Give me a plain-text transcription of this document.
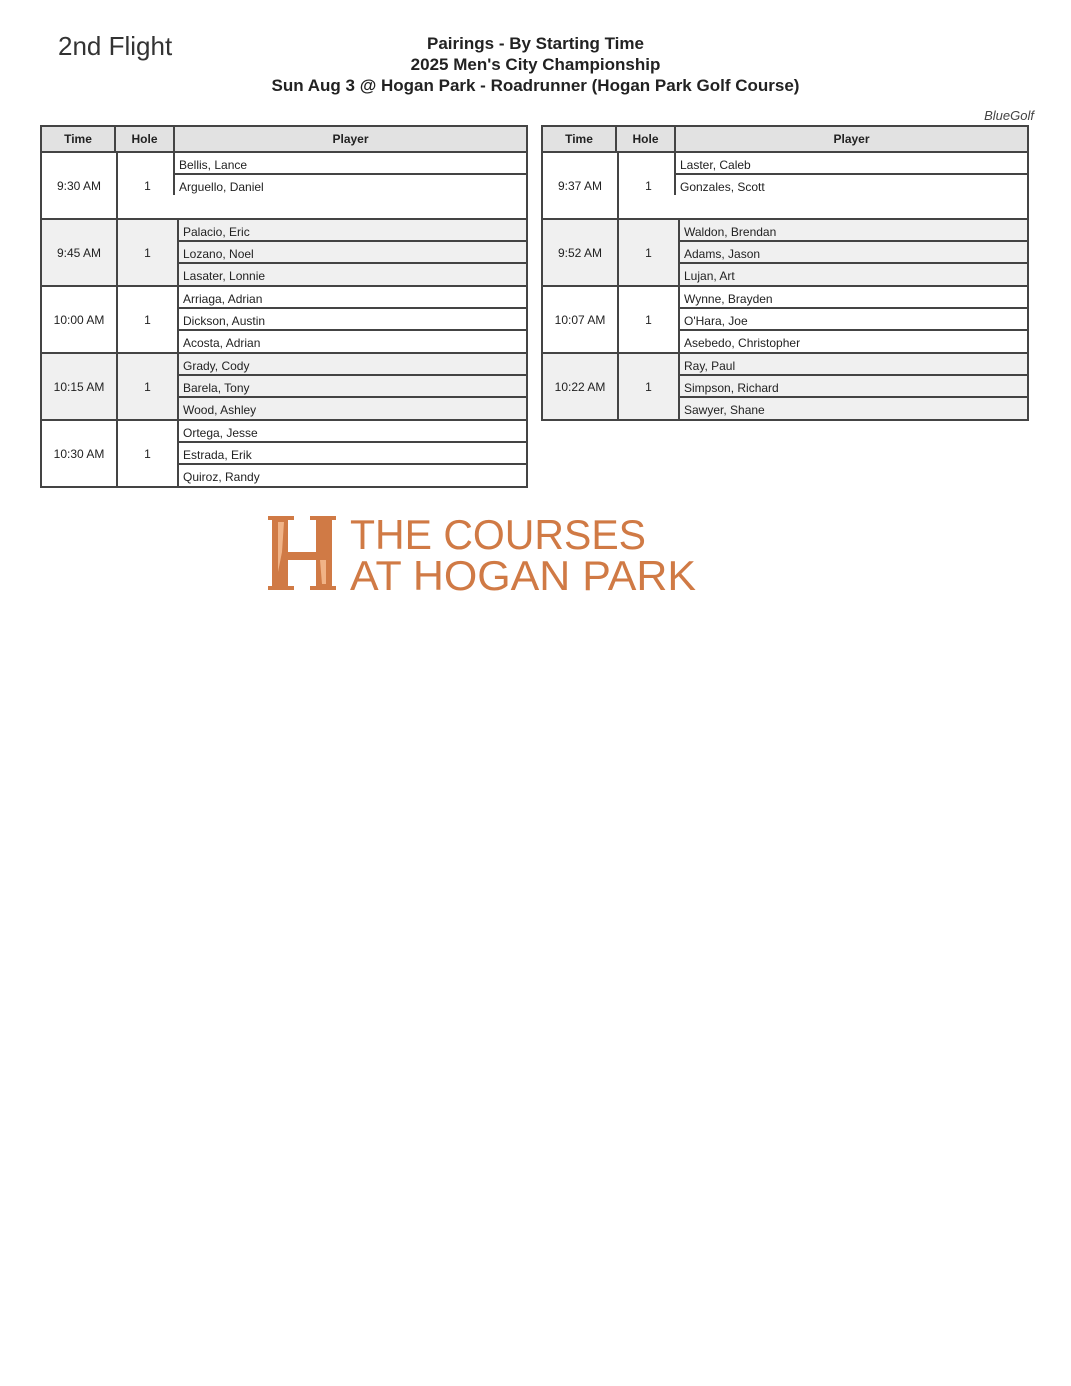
2nd Flight	Pairings - By Starting Time
2025 Men's City Championship
Sun Aug 3 @ Hogan Park - Roadrunner (Hogan Park Golf Course)
BlueGolf
Time	Hole	Player
9:30 AM	1
Bellis, Lance
Arguello, Daniel
9:45 AM	1
Palacio, Eric
Lozano, Noel
Lasater, Lonnie
10:00 AM	1
Arriaga, Adrian
Dickson, Austin
Acosta, Adrian
10:15 AM	1
Grady, Cody
Barela, Tony
Wood, Ashley
10:30 AM	1
Ortega, Jesse
Estrada, Erik
Quiroz, Randy
Time	Hole	Player
9:37 AM	1
Laster, Caleb
Gonzales, Scott
9:52 AM	1
Waldon, Brendan
Adams, Jason
Lujan, Art
10:07 AM	1
Wynne, Brayden
O'Hara, Joe
Asebedo, Christopher
10:22 AM	1
Ray, Paul
Simpson, Richard
Sawyer, Shane
THE COURSES
AT HOGAN PARK
